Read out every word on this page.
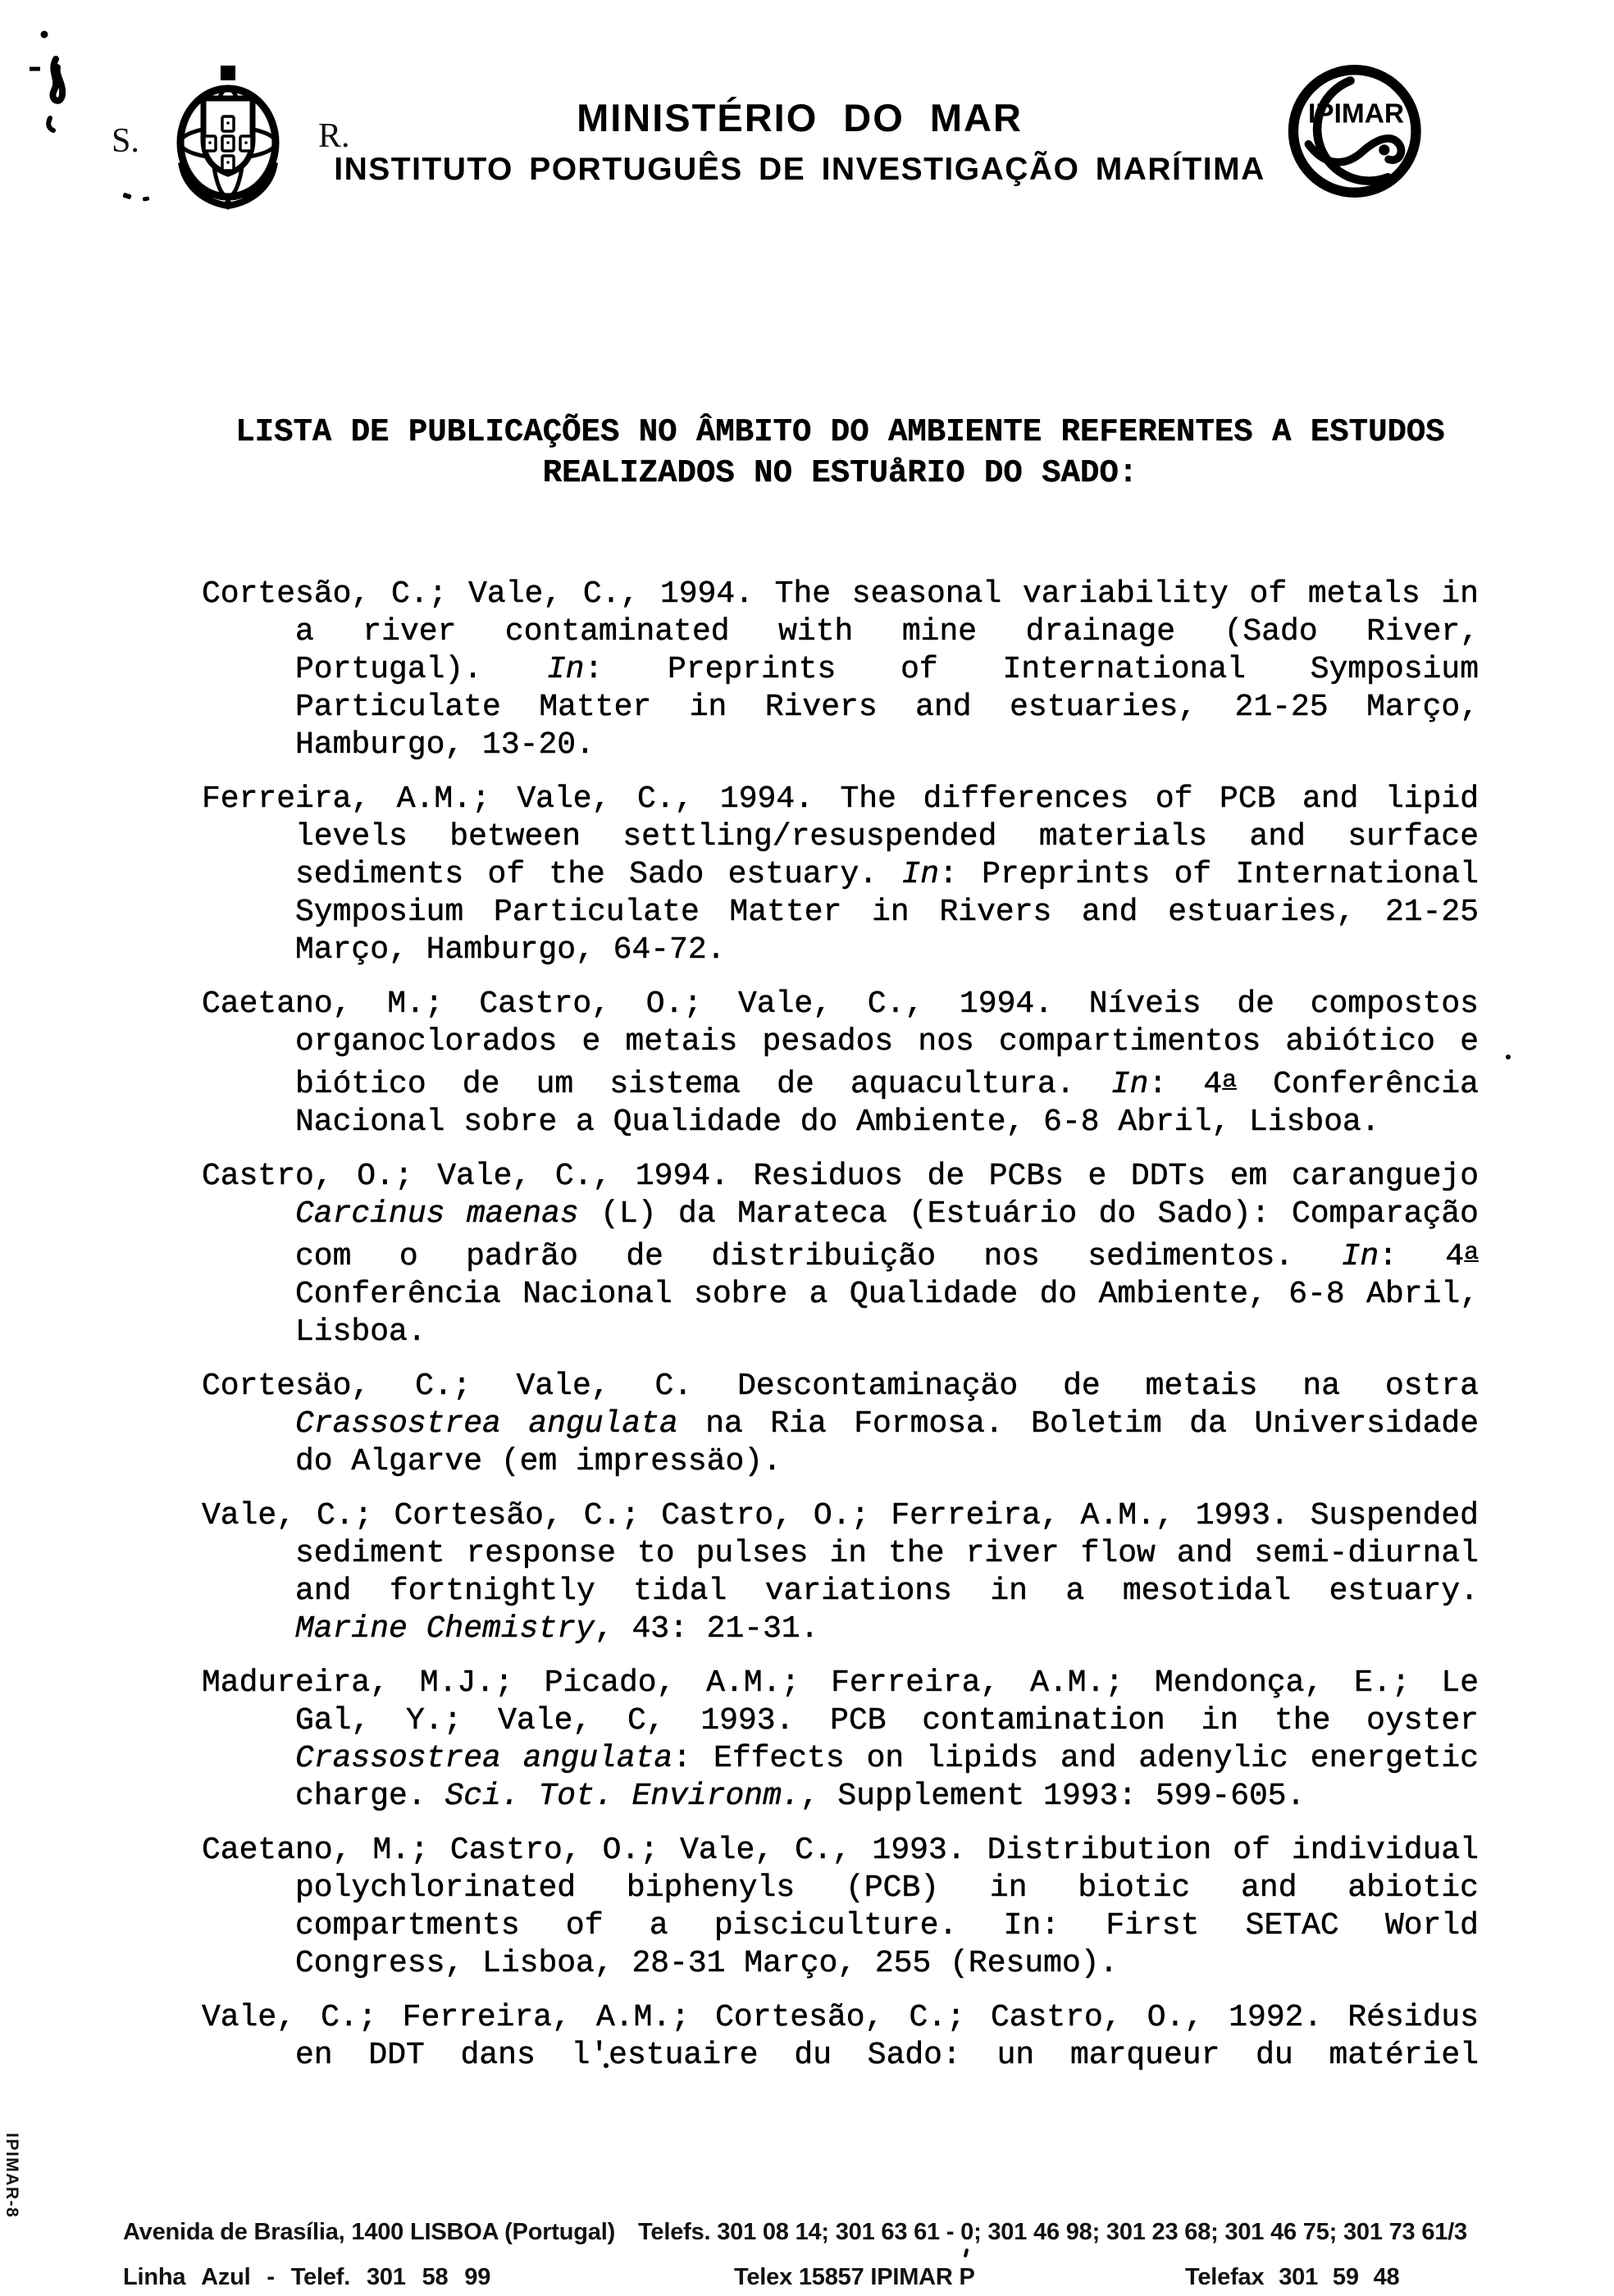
S.	R.	MINISTÉRIO DO MAR
INSTITUTO PORTUGUÊS DE INVESTIGAÇÃO MARÍTIMA
IPIMAR
LISTA DE PUBLICAÇÕES NO ÂMBITO DO AMBIENTE REFERENTES A ESTUDOS
REALIZADOS NO ESTUåRIO DO SADO:
Cortesão, C.; Vale, C., 1994. The seasonal variability of metals in
a river contaminated with mine drainage (Sado River,
Portugal). In: Preprints of International Symposium
Particulate Matter in Rivers and estuaries, 21-25 Março,
Hamburgo, 13-20.
Ferreira, A.M.; Vale, C., 1994. The differences of PCB and lipid
levels between settling/resuspended materials and surface
sediments of the Sado estuary. In: Preprints of International
Symposium Particulate Matter in Rivers and estuaries, 21-25
Março, Hamburgo, 64-72.
Caetano, M.; Castro, O.; Vale, C., 1994. Níveis de compostos
organoclorados e metais pesados nos compartimentos abiótico e
biótico de um sistema de aquacultura. In: 4a Conferência
Nacional sobre a Qualidade do Ambiente, 6-8 Abril, Lisboa.
Castro, O.; Vale, C., 1994. Residuos de PCBs e DDTs em caranguejo
Carcinus maenas (L) da Marateca (Estuário do Sado): Comparação
com o padrão de distribuição nos sedimentos. In: 4a
Conferência Nacional sobre a Qualidade do Ambiente, 6-8 Abril,
Lisboa.
Cortesäo, C.; Vale, C. Descontaminaçäo de metais na ostra
Crassostrea angulata na Ria Formosa. Boletim da Universidade
do Algarve (em impressäo).
Vale, C.; Cortesão, C.; Castro, O.; Ferreira, A.M., 1993. Suspended
sediment response to pulses in the river flow and semi-diurnal
and fortnightly tidal variations in a mesotidal estuary.
Marine Chemistry, 43: 21-31.
Madureira, M.J.; Picado, A.M.; Ferreira, A.M.; Mendonça, E.; Le
Gal, Y.; Vale, C, 1993. PCB contamination in the oyster
Crassostrea angulata: Effects on lipids and adenylic energetic
charge. Sci. Tot. Environm., Supplement 1993: 599-605.
Caetano, M.; Castro, O.; Vale, C., 1993. Distribution of individual
polychlorinated biphenyls (PCB) in biotic and abiotic
compartments of a pisciculture. In: First SETAC World
Congress, Lisboa, 28-31 Março, 255 (Resumo).
Vale, C.; Ferreira, A.M.; Cortesão, C.; Castro, O., 1992. Résidus
en DDT dans l'estuaire du Sado: un marqueur du matériel
IPIMAR-8
Avenida de Brasília, 1400 LISBOA (Portugal) Telefs. 301 08 14; 301 63 61 - 0; 301 46 98; 301 23 68; 301 46 75; 301 73 61/3
Linha Azul - Telef. 301 58 99	Telex 15857 IPIMAR P	Telefax 301 59 48
